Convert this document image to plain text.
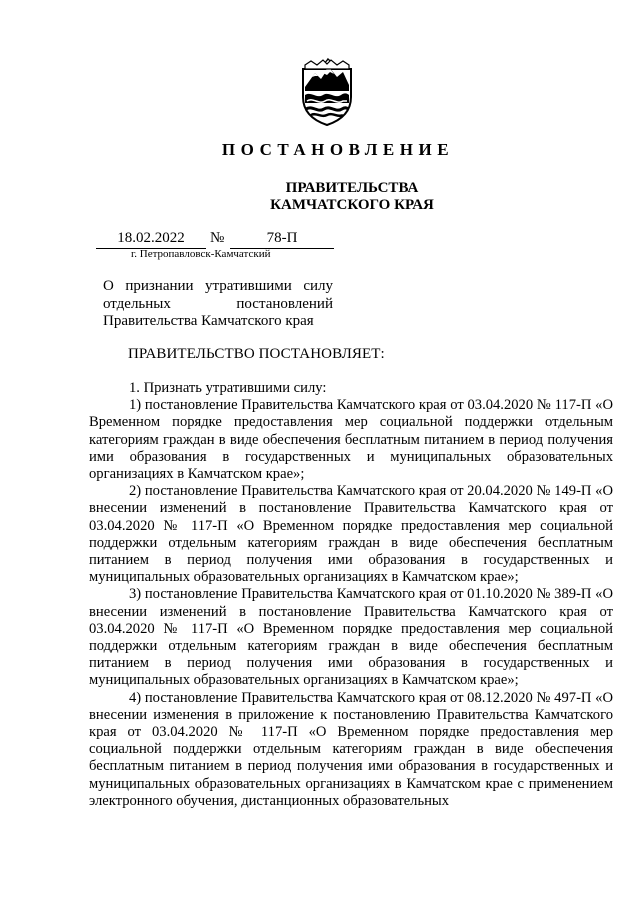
ПОСТАНОВЛЕНИЕ
ПРАВИТЕЛЬСТВА
КАМЧАТСКОГО КРАЯ
18.02.2022	№	78-П
г. Петропавловск-Камчатский
О признании утратившими силу отдельных постановлений Правительства Камчатского края
ПРАВИТЕЛЬСТВО ПОСТАНОВЛЯЕТ:

1. Признать утратившими силу:

1) постановление Правительства Камчатского края от 03.04.2020 № 117-П «О Временном порядке предоставления мер социальной поддержки отдельным категориям граждан в виде обеспечения бесплатным питанием в период получения ими образования в государственных и муниципальных образовательных организациях в Камчатском крае»;

2) постановление Правительства Камчатского края от 20.04.2020 № 149-П «О внесении изменений в постановление Правительства Камчатского края от 03.04.2020 № 117-П «О Временном порядке предоставления мер социальной поддержки отдельным категориям граждан в виде обеспечения бесплатным питанием в период получения ими образования в государственных и муниципальных образовательных организациях в Камчатском крае»;

3) постановление Правительства Камчатского края от 01.10.2020 № 389-П «О внесении изменений в постановление Правительства Камчатского края от 03.04.2020 № 117-П «О Временном порядке предоставления мер социальной поддержки отдельным категориям граждан в виде обеспечения бесплатным питанием в период получения ими образования в государственных и муниципальных образовательных организациях в Камчатском крае»;

4) постановление Правительства Камчатского края от 08.12.2020 № 497-П «О внесении изменения в приложение к постановлению Правительства Камчатского края от 03.04.2020 № 117-П «О Временном порядке предоставления мер социальной поддержки отдельным категориям граждан в виде обеспечения бесплатным питанием в период получения ими образования в государственных и муниципальных образовательных организациях в Камчатском крае с применением электронного обучения, дистанционных образовательных
